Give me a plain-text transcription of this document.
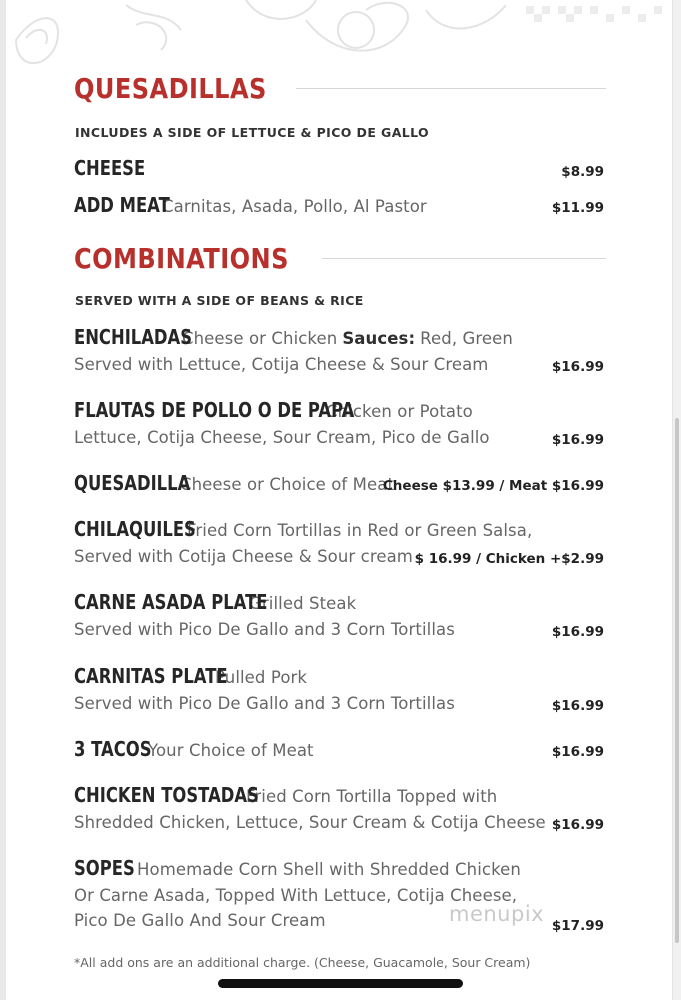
QUESADILLAS
INCLUDES A SIDE OF LETTUCE & PICO DE GALLO
CHEESE	$8.99
ADD MEAT
Carnitas, Asada, Pollo, Al Pastor	$11.99
COMBINATIONS
SERVED WITH A SIDE OF BEANS & RICE
ENCHILADAS
Cheese or Chicken Sauces: Red, Green
Served with Lettuce, Cotija Cheese & Sour Cream	$16.99
FLAUTAS DE POLLO O DE PAPA
Chicken or Potato
Lettuce, Cotija Cheese, Sour Cream, Pico de Gallo	$16.99
QUESADILLA
Cheese or Choice of Meat
Cheese $13.99 / Meat $16.99
CHILAQUILES
Fried Corn Tortillas in Red or Green Salsa,
Served with Cotija Cheese & Sour cream $ 16.99 / Chicken +$2.99
CARNE ASADA PLATE
Grilled Steak
Served with Pico De Gallo and 3 Corn Tortillas	$16.99
CARNITAS PLATE
Pulled Pork
Served with Pico De Gallo and 3 Corn Tortillas	$16.99
3 TACOS
Your Choice of Meat	$16.99
CHICKEN TOSTADAS
Fried Corn Tortilla Topped with
Shredded Chicken, Lettuce, Sour Cream & Cotija Cheese $16.99
SOPES Homemade Corn Shell with Shredded Chicken
Or Carne Asada, Topped With Lettuce, Cotija Cheese,
Pico De Gallo And Sour Cream	$17.99
menupix
*All add ons are an additional charge. (Cheese, Guacamole, Sour Cream)
